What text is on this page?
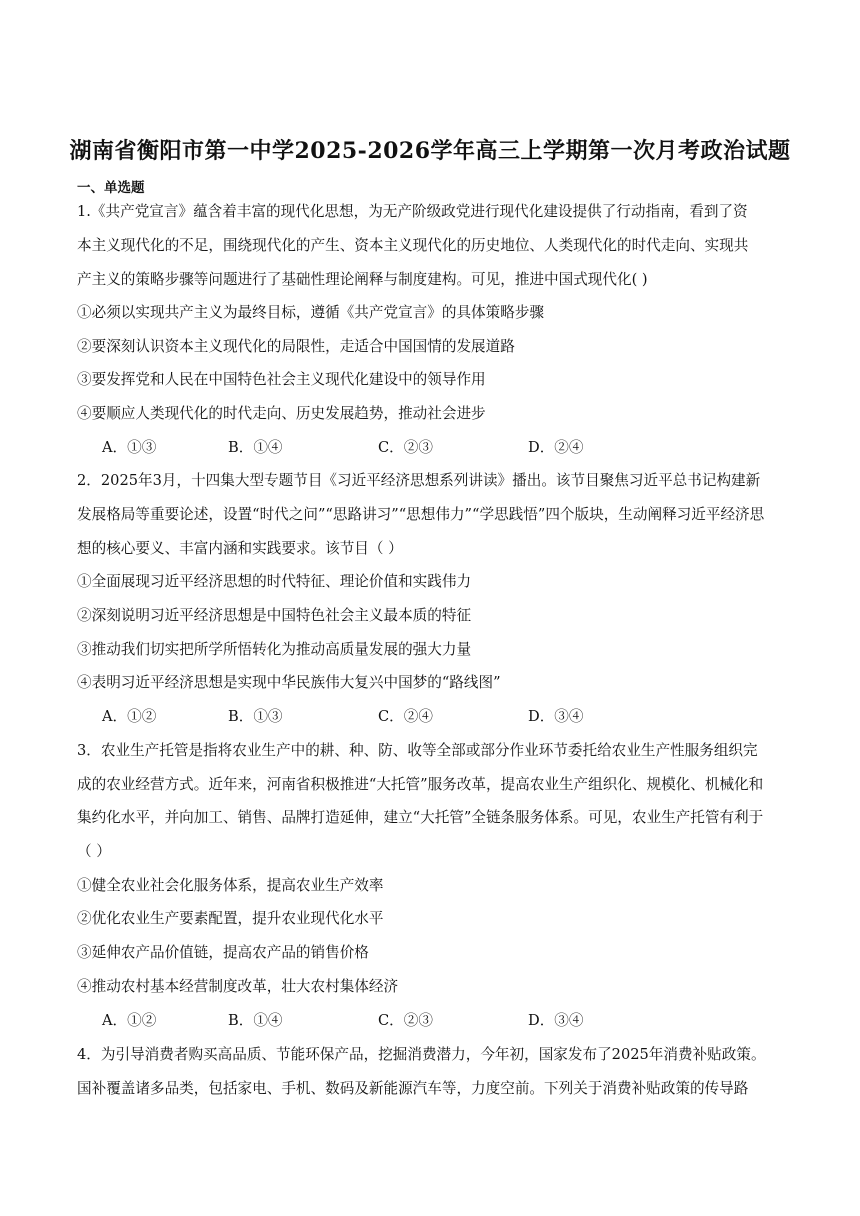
湖南省衡阳市第一中学2025-2026学年高三上学期第一次月考政治试题
一、单选题
1.《共产党宣言》蕴含着丰富的现代化思想，为无产阶级政党进行现代化建设提供了行动指南，看到了资
本主义现代化的不足，围绕现代化的产生、资本主义现代化的历史地位、人类现代化的时代走向、实现共
产主义的策略步骤等问题进行了基础性理论阐释与制度建构。可见，推进中国式现代化( )
①必须以实现共产主义为最终目标，遵循《共产党宣言》的具体策略步骤
②要深刻认识资本主义现代化的局限性，走适合中国国情的发展道路
③要发挥党和人民在中国特色社会主义现代化建设中的领导作用
④要顺应人类现代化的时代走向、历史发展趋势，推动社会进步
A．①③	B．①④	C．②③	D．②④
2．2025年3月，十四集大型专题节目《习近平经济思想系列讲读》播出。该节目聚焦习近平总书记构建新
发展格局等重要论述，设置“时代之问”“思路讲习”“思想伟力”“学思践悟”四个版块，生动阐释习近平经济思
想的核心要义、丰富内涵和实践要求。该节目（ ）
①全面展现习近平经济思想的时代特征、理论价值和实践伟力
②深刻说明习近平经济思想是中国特色社会主义最本质的特征
③推动我们切实把所学所悟转化为推动高质量发展的强大力量
④表明习近平经济思想是实现中华民族伟大复兴中国梦的“路线图”
A．①②	B．①③	C．②④	D．③④
3．农业生产托管是指将农业生产中的耕、种、防、收等全部或部分作业环节委托给农业生产性服务组织完
成的农业经营方式。近年来，河南省积极推进“大托管”服务改革，提高农业生产组织化、规模化、机械化和
集约化水平，并向加工、销售、品牌打造延伸，建立“大托管”全链条服务体系。可见，农业生产托管有利于
（ ）
①健全农业社会化服务体系，提高农业生产效率
②优化农业生产要素配置，提升农业现代化水平
③延伸农产品价值链，提高农产品的销售价格
④推动农村基本经营制度改革，壮大农村集体经济
A．①②	B．①④	C．②③	D．③④
4．为引导消费者购买高品质、节能环保产品，挖掘消费潜力，今年初，国家发布了2025年消费补贴政策。
国补覆盖诸多品类，包括家电、手机、数码及新能源汽车等，力度空前。下列关于消费补贴政策的传导路
